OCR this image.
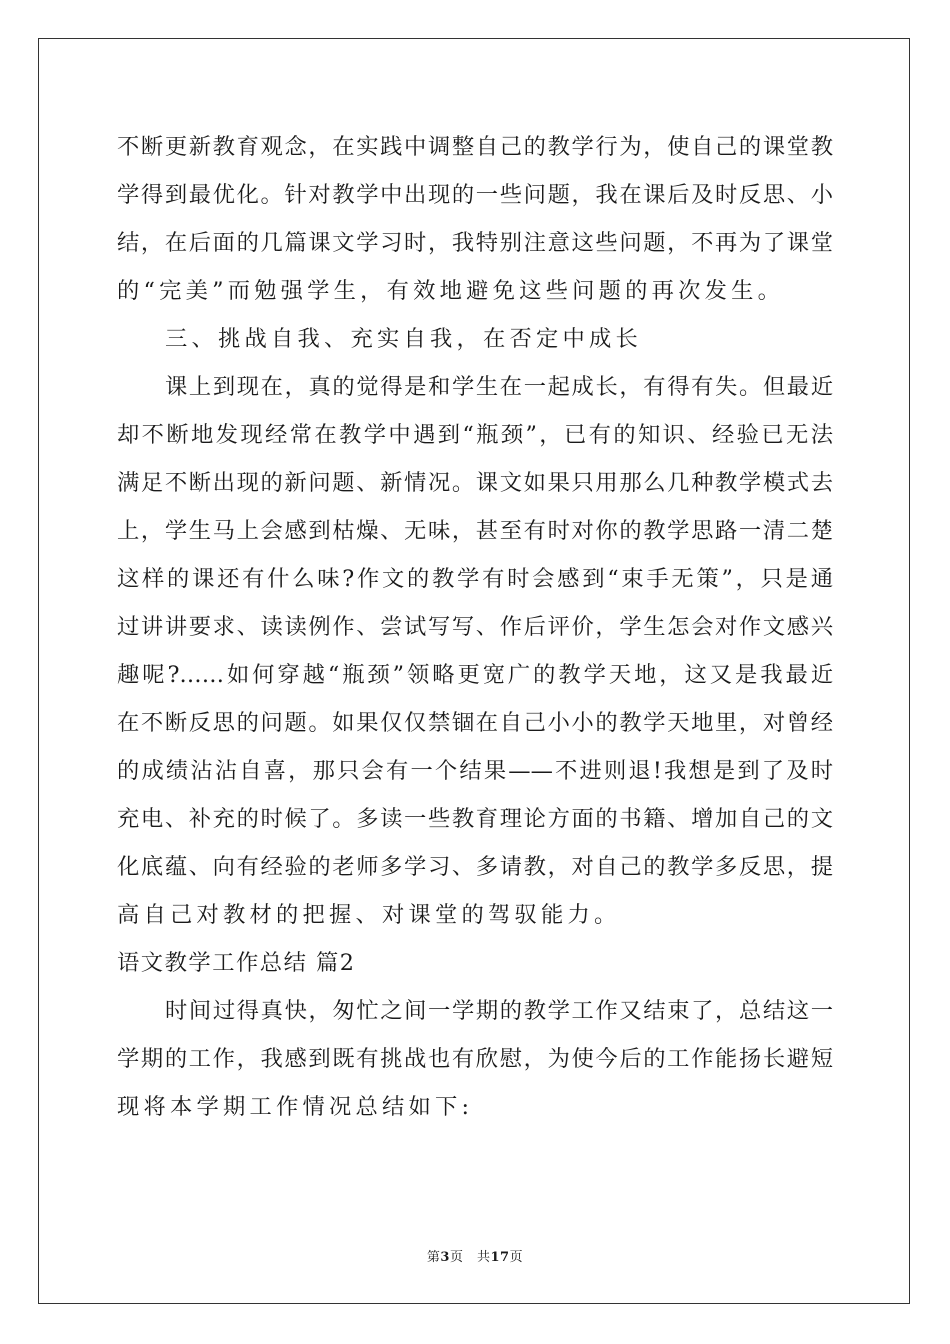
不断更新教育观念，在实践中调整自己的教学行为，使自己的课堂教
学得到最优化。针对教学中出现的一些问题，我在课后及时反思、小
结，在后面的几篇课文学习时，我特别注意这些问题，不再为了课堂
的“完美”而勉强学生，有效地避免这些问题的再次发生。
三、挑战自我、充实自我，在否定中成长
课上到现在，真的觉得是和学生在一起成长，有得有失。但最近
却不断地发现经常在教学中遇到“瓶颈”，已有的知识、经验已无法
满足不断出现的新问题、新情况。课文如果只用那么几种教学模式去
上，学生马上会感到枯燥、无味，甚至有时对你的教学思路一清二楚
这样的课还有什么味?作文的教学有时会感到“束手无策”，只是通
过讲讲要求、读读例作、尝试写写、作后评价，学生怎会对作文感兴
趣呢?……如何穿越“瓶颈”领略更宽广的教学天地，这又是我最近
在不断反思的问题。如果仅仅禁锢在自己小小的教学天地里，对曾经
的成绩沾沾自喜，那只会有一个结果——不进则退!我想是到了及时
充电、补充的时候了。多读一些教育理论方面的书籍、增加自己的文
化底蕴、向有经验的老师多学习、多请教，对自己的教学多反思，提
高自己对教材的把握、对课堂的驾驭能力。
语文教学工作总结 篇2
时间过得真快，匆忙之间一学期的教学工作又结束了，总结这一
学期的工作，我感到既有挑战也有欣慰，为使今后的工作能扬长避短
现将本学期工作情况总结如下:
第3页　共17页
